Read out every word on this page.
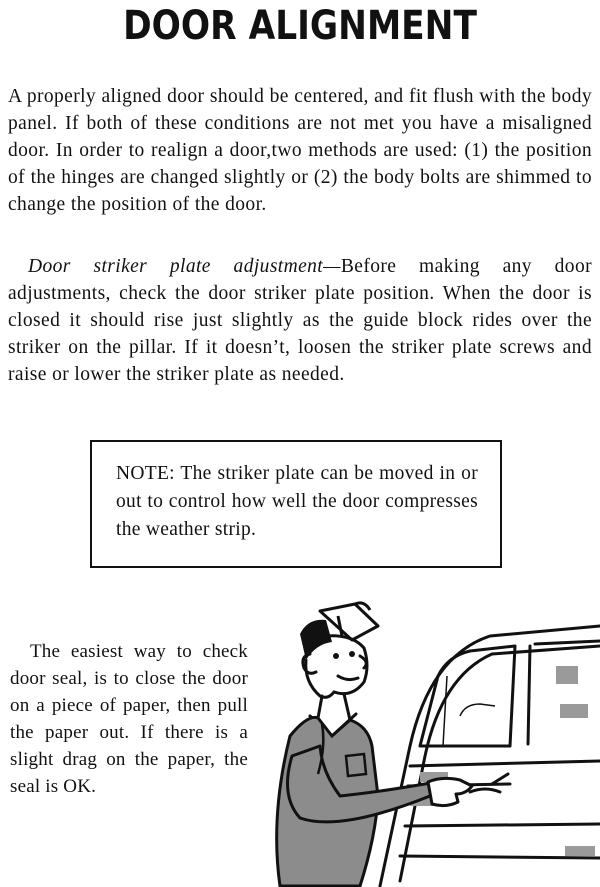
DOOR ALIGNMENT

A properly aligned door should be centered, and fit flush with the body panel. If both of these conditions are not met you have a misaligned door. In order to realign a door,two methods are used: (1) the position of the hinges are changed slightly or (2) the body bolts are shimmed to change the position of the door.

Door striker plate adjustment—Before making any door adjustments, check the door striker plate position. When the door is closed it should rise just slightly as the guide block rides over the striker on the pillar. If it doesn’t, loosen the striker plate screws and raise or lower the striker plate as needed.

NOTE: The striker plate can be moved in or out to control how well the door compresses the weather strip.

The easiest way to check door seal, is to close the door on a piece of paper, then pull the paper out. If there is a slight drag on the paper, the seal is OK.
